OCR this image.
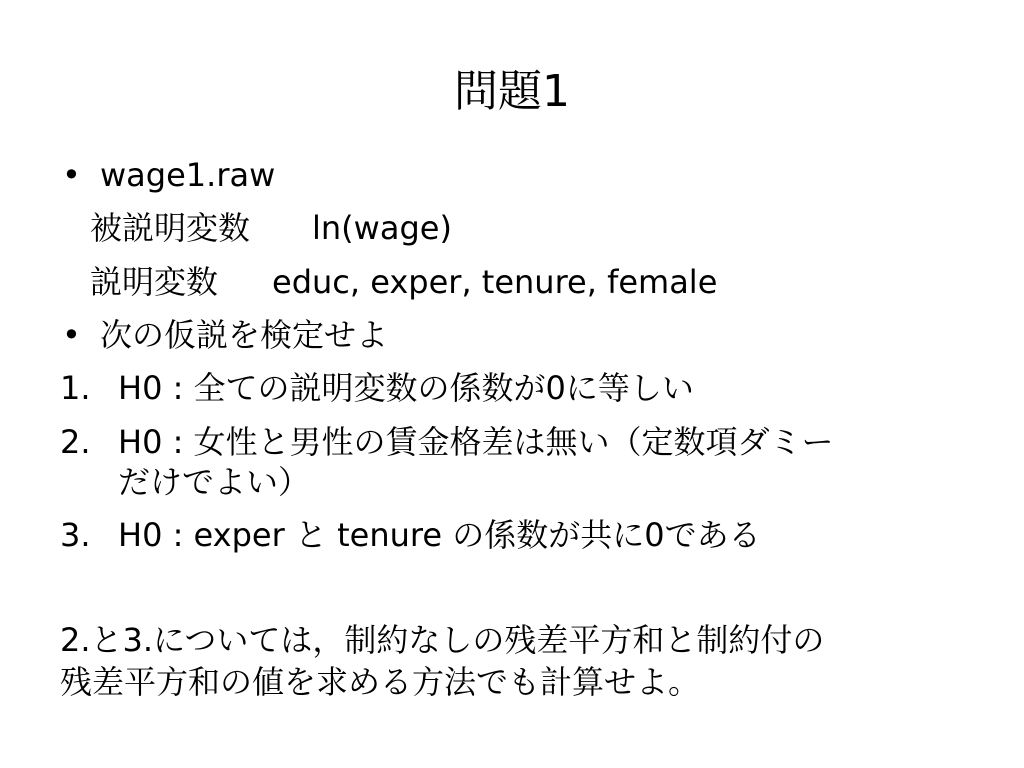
問題1
• wage1.raw
被説明変数 ln(wage)
説明変数 educ, exper, tenure, female
• 次の仮説を検定せよ
1. H0 : 全ての説明変数の係数が0に等しい
2. H0 : 女性と男性の賃金格差は無い（定数項ダミー
だけでよい）
3. H0 : exper と tenure の係数が共に0である
2.と3.については，制約なしの残差平方和と制約付の
残差平方和の値を求める方法でも計算せよ。
